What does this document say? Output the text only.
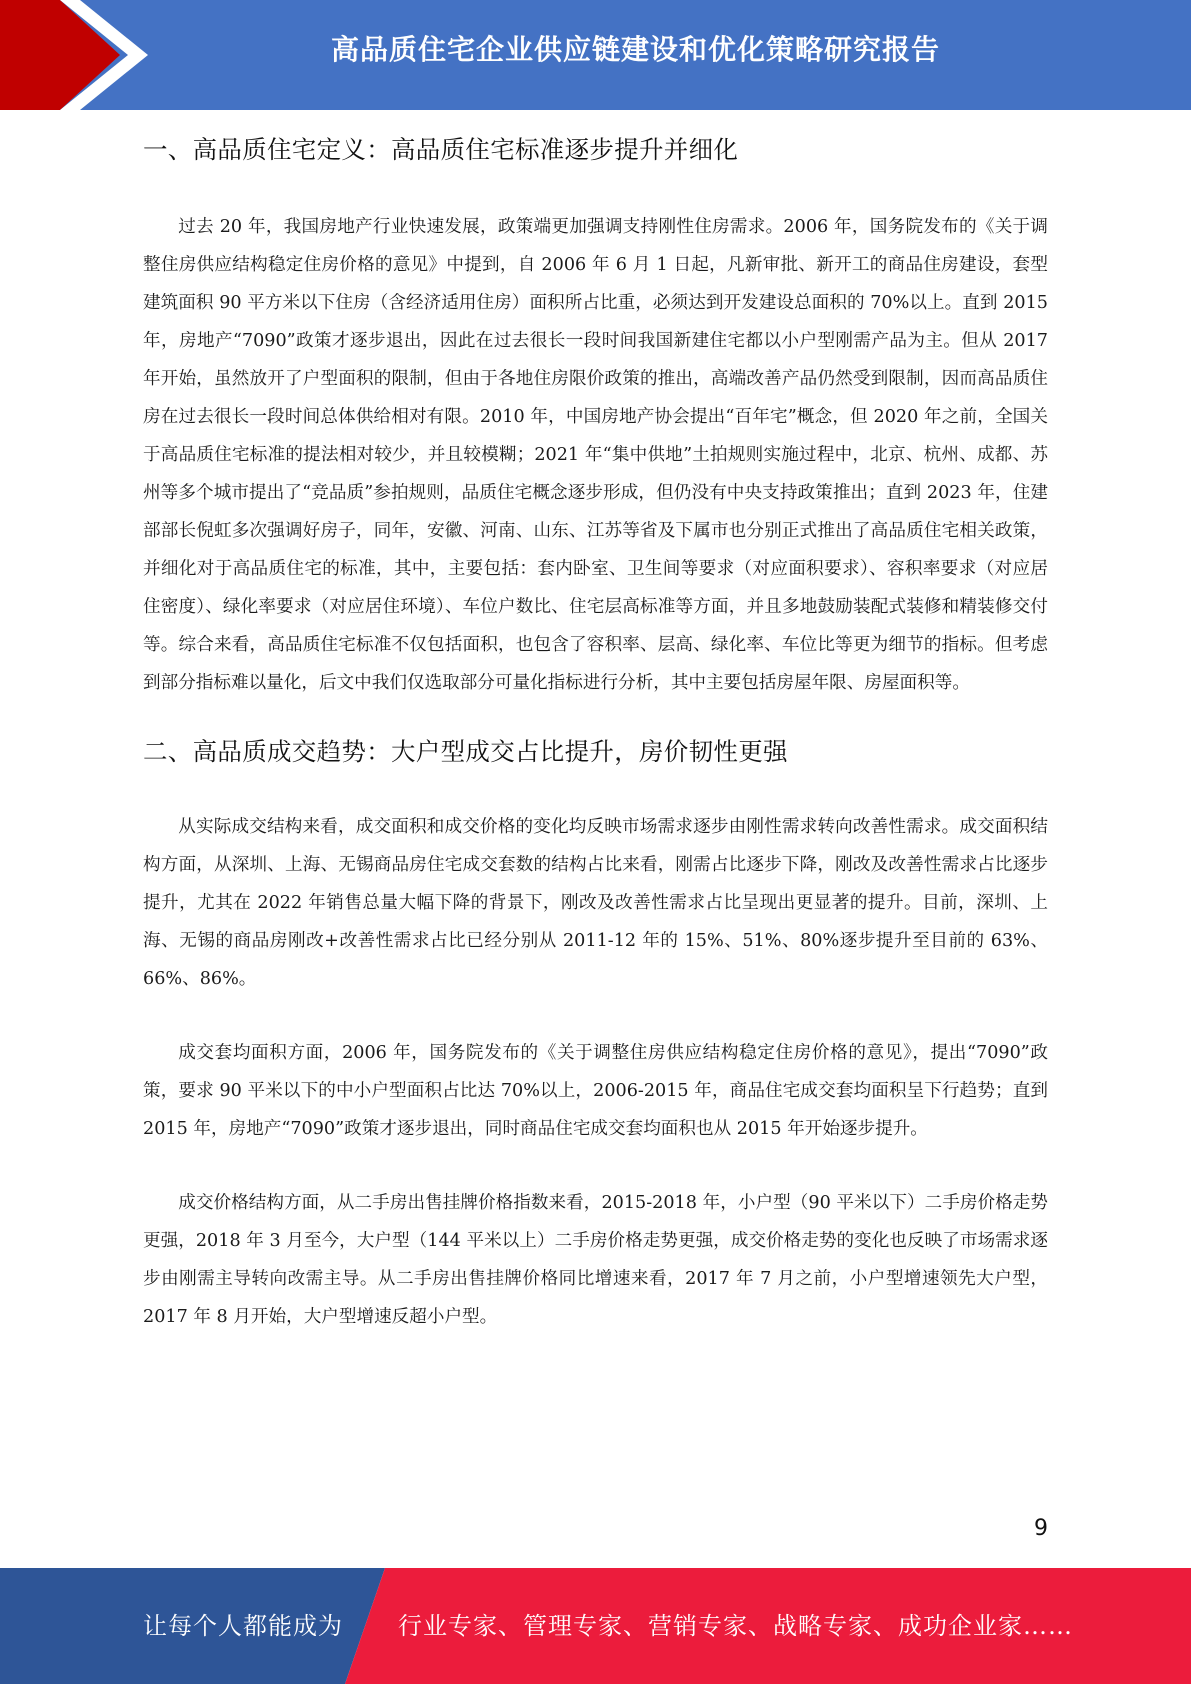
高品质住宅企业供应链建设和优化策略研究报告
一、高品质住宅定义：高品质住宅标准逐步提升并细化

过去 20 年，我国房地产行业快速发展，政策端更加强调支持刚性住房需求。2006 年，国务院发布的《关于调整住房供应结构稳定住房价格的意见》中提到，自 2006 年 6 月 1 日起，凡新审批、新开工的商品住房建设，套型建筑面积 90 平方米以下住房（含经济适用住房）面积所占比重，必须达到开发建设总面积的 70%以上。直到 2015 年，房地产“7090”政策才逐步退出，因此在过去很长一段时间我国新建住宅都以小户型刚需产品为主。但从 2017 年开始，虽然放开了户型面积的限制，但由于各地住房限价政策的推出，高端改善产品仍然受到限制，因而高品质住房在过去很长一段时间总体供给相对有限。2010 年，中国房地产协会提出“百年宅”概念，但 2020 年之前，全国关于高品质住宅标准的提法相对较少，并且较模糊；2021 年“集中供地”土拍规则实施过程中，北京、杭州、成都、苏州等多个城市提出了“竞品质”参拍规则，品质住宅概念逐步形成，但仍没有中央支持政策推出；直到 2023 年，住建部部长倪虹多次强调好房子，同年，安徽、河南、山东、江苏等省及下属市也分别正式推出了高品质住宅相关政策，并细化对于高品质住宅的标准，其中，主要包括：套内卧室、卫生间等要求（对应面积要求）、容积率要求（对应居住密度）、绿化率要求（对应居住环境）、车位户数比、住宅层高标准等方面，并且多地鼓励装配式装修和精装修交付等。综合来看，高品质住宅标准不仅包括面积，也包含了容积率、层高、绿化率、车位比等更为细节的指标。但考虑到部分指标难以量化，后文中我们仅选取部分可量化指标进行分析，其中主要包括房屋年限、房屋面积等。

二、高品质成交趋势：大户型成交占比提升，房价韧性更强

从实际成交结构来看，成交面积和成交价格的变化均反映市场需求逐步由刚性需求转向改善性需求。成交面积结构方面，从深圳、上海、无锡商品房住宅成交套数的结构占比来看，刚需占比逐步下降，刚改及改善性需求占比逐步提升，尤其在 2022 年销售总量大幅下降的背景下，刚改及改善性需求占比呈现出更显著的提升。目前，深圳、上海、无锡的商品房刚改+改善性需求占比已经分别从 2011-12 年的 15%、51%、80%逐步提升至目前的 63%、66%、86%。

成交套均面积方面，2006 年，国务院发布的《关于调整住房供应结构稳定住房价格的意见》，提出“7090”政策，要求 90 平米以下的中小户型面积占比达 70%以上，2006-2015 年，商品住宅成交套均面积呈下行趋势；直到 2015 年，房地产“7090”政策才逐步退出，同时商品住宅成交套均面积也从 2015 年开始逐步提升。

成交价格结构方面，从二手房出售挂牌价格指数来看，2015-2018 年，小户型（90 平米以下）二手房价格走势更强，2018 年 3 月至今，大户型（144 平米以上）二手房价格走势更强，成交价格走势的变化也反映了市场需求逐步由刚需主导转向改需主导。从二手房出售挂牌价格同比增速来看，2017 年 7 月之前，小户型增速领先大户型，2017 年 8 月开始，大户型增速反超小户型。

9
让每个人都能成为 行业专家、管理专家、营销专家、战略专家、成功企业家……
